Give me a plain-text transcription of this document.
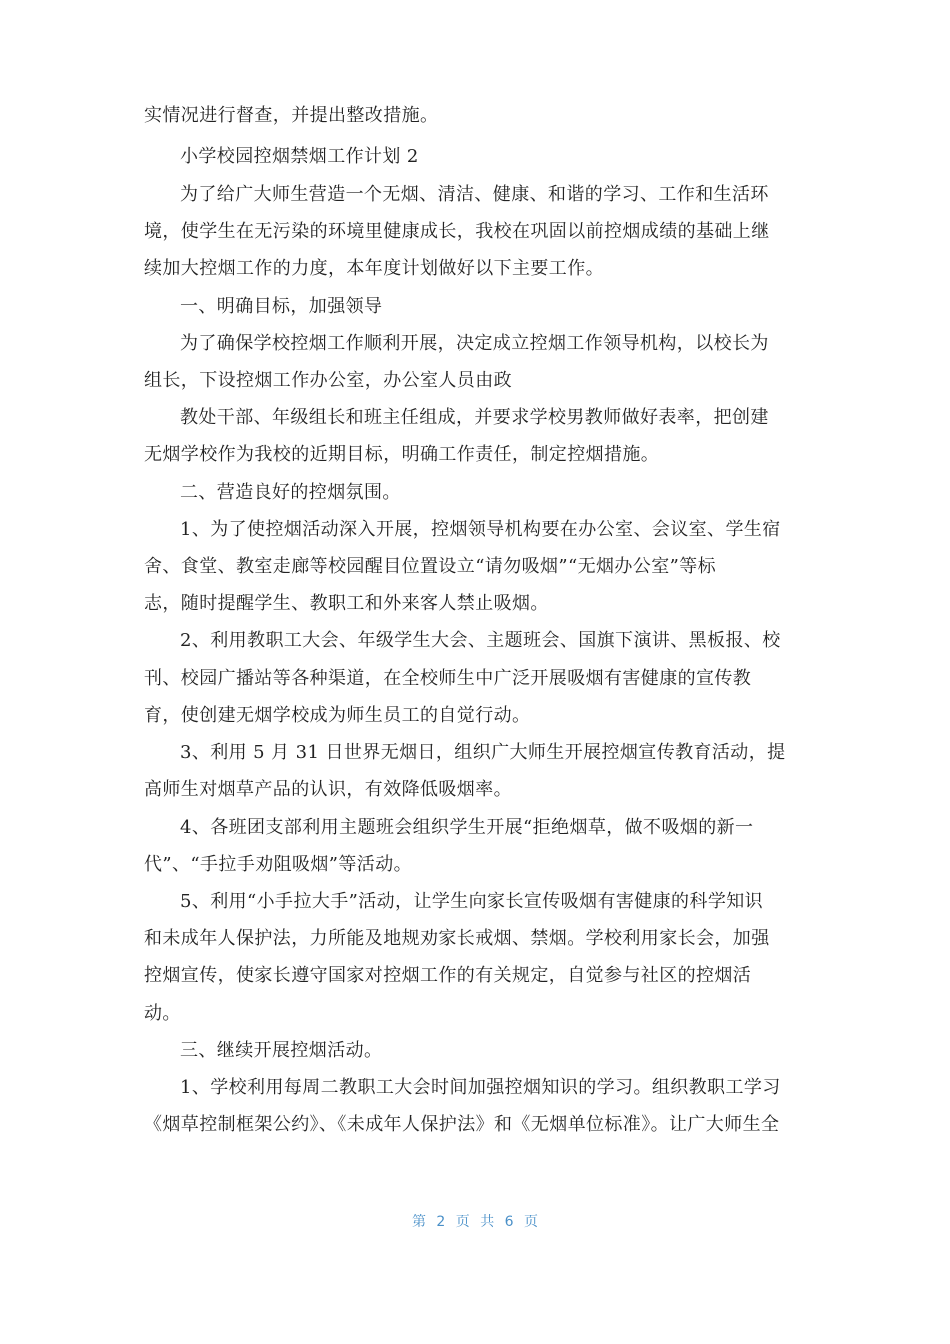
实情况进行督查，并提出整改措施。
小学校园控烟禁烟工作计划 2
为了给广大师生营造一个无烟、清洁、健康、和谐的学习、工作和生活环
境，使学生在无污染的环境里健康成长，我校在巩固以前控烟成绩的基础上继
续加大控烟工作的力度，本年度计划做好以下主要工作。
一、明确目标，加强领导
为了确保学校控烟工作顺利开展，决定成立控烟工作领导机构，以校长为
组长，下设控烟工作办公室，办公室人员由政
教处干部、年级组长和班主任组成，并要求学校男教师做好表率，把创建
无烟学校作为我校的近期目标，明确工作责任，制定控烟措施。
二、营造良好的控烟氛围。
1、为了使控烟活动深入开展，控烟领导机构要在办公室、会议室、学生宿
舍、食堂、教室走廊等校园醒目位置设立“请勿吸烟”“无烟办公室”等标
志，随时提醒学生、教职工和外来客人禁止吸烟。
2、利用教职工大会、年级学生大会、主题班会、国旗下演讲、黑板报、校
刊、校园广播站等各种渠道，在全校师生中广泛开展吸烟有害健康的宣传教
育，使创建无烟学校成为师生员工的自觉行动。
3、利用 5 月 31 日世界无烟日，组织广大师生开展控烟宣传教育活动，提
高师生对烟草产品的认识，有效降低吸烟率。
4、各班团支部利用主题班会组织学生开展“拒绝烟草，做不吸烟的新一
代”、“手拉手劝阻吸烟”等活动。
5、利用“小手拉大手”活动，让学生向家长宣传吸烟有害健康的科学知识
和未成年人保护法，力所能及地规劝家长戒烟、禁烟。学校利用家长会，加强
控烟宣传，使家长遵守国家对控烟工作的有关规定，自觉参与社区的控烟活
动。
三、继续开展控烟活动。
1、学校利用每周二教职工大会时间加强控烟知识的学习。组织教职工学习
《烟草控制框架公约》、《未成年人保护法》和《无烟单位标准》。让广大师生全
第 2 页 共 6 页
